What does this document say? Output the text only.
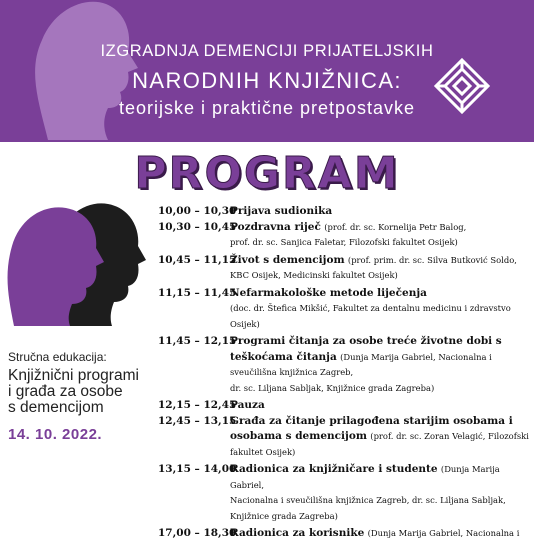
IZGRADNJA DEMENCIJI PRIJATELJSKIH
NARODNIH KNJIŽNICA:
teorijske i praktične pretpostavke
PROGRAM
Stručna edukacija:
Knjižnični programi
i građa za osobe
s demencijom
14. 10. 2022.
10,00 – 10,30
Prijava sudionika
10,30 – 10,45
Pozdravna riječ (prof. dr. sc. Kornelija Petr Balog,
prof. dr. sc. Sanjica Faletar, Filozofski fakultet Osijek)
10,45 – 11,15
Život s demencijom (prof. prim. dr. sc. Silva Butković Soldo,
KBC Osijek, Medicinski fakultet Osijek)
11,15 – 11,45
Nefarmakološke metode liječenja
(doc. dr. Štefica Mikšić, Fakultet za dentalnu medicinu i zdravstvo Osijek)
11,45 – 12,15
Programi čitanja za osobe treće životne dobi s teškoćama čitanja (Dunja Marija Gabriel, Nacionalna i sveučilišna knjižnica Zagreb,
dr. sc. Liljana Sabljak, Knjižnice grada Zagreba)
12,15 – 12,45
Pauza
12,45 – 13,15
Građa za čitanje prilagođena starijim osobama i osobama s demencijom (prof. dr. sc. Zoran Velagić, Filozofski fakultet Osijek)
13,15 – 14,00
Radionica za knjižničare i studente (Dunja Marija Gabriel,
Nacionalna i sveučilišna knjižnica Zagreb, dr. sc. Liljana Sabljak,
Knjižnice grada Zagreba)
17,00 – 18,30
Radionica za korisnike (Dunja Marija Gabriel, Nacionalna i
